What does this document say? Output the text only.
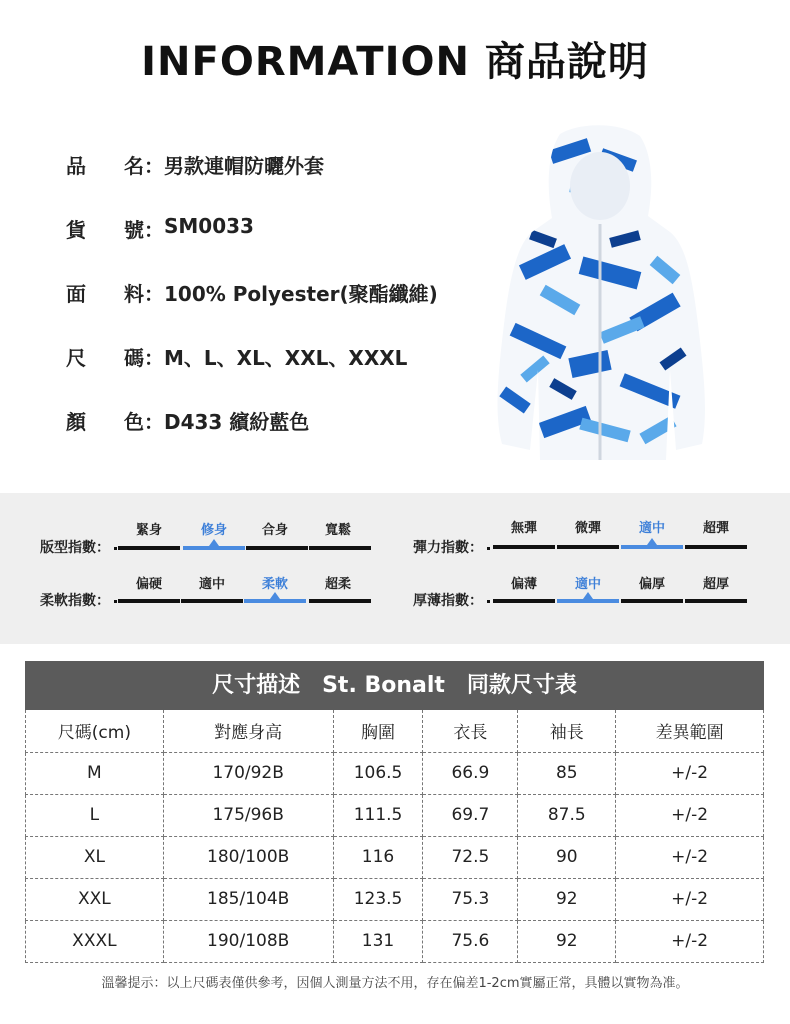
INFORMATION 商品說明
品 名 ： 男款連帽防曬外套
貨 號 ： SM0033
面 料 ： 100% Polyester(聚酯纖維)
尺 碼 ： M、L、XL、XXL、XXXL
顏 色 ： D433 繽紛藍色
版型指數：
緊身	修身	合身	寬鬆
彈力指數：
無彈	微彈	適中	超彈
柔軟指數：
偏硬	適中	柔軟	超柔
厚薄指數：
偏薄	適中	偏厚	超厚
尺寸描述　St. Bonalt　同款尺寸表
尺碼(cm)	對應身高	胸圍	衣長	袖長	差異範圍
M	170/92B	106.5	66.9	85	+/-2
L	175/96B	111.5	69.7	87.5	+/-2
XL	180/100B	116	72.5	90	+/-2
XXL	185/104B	123.5	75.3	92	+/-2
XXXL	190/108B	131	75.6	92	+/-2
溫馨提示：以上尺碼表僅供參考，因個人測量方法不用，存在偏差1-2cm實屬正常，具體以實物為准。
